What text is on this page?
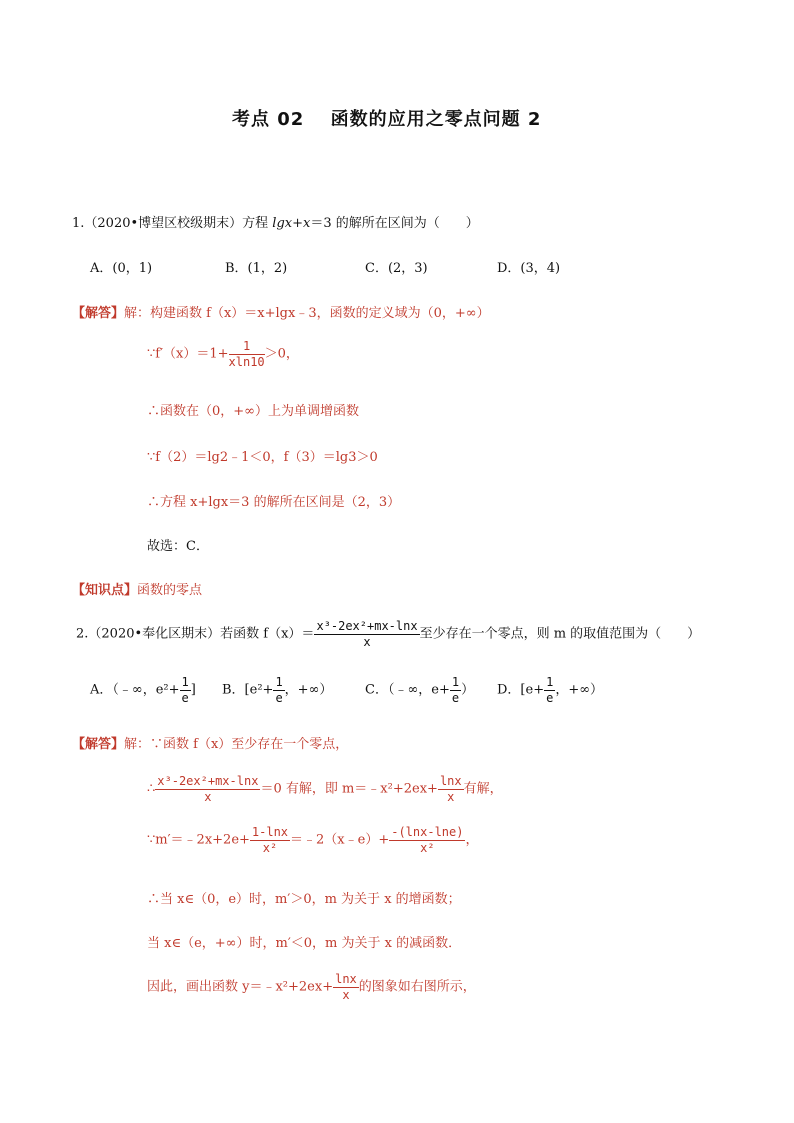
考点 02　 函数的应用之零点问题 2
1.（2020•博望区校级期末）方程 lgx+x＝3 的解所在区间为（　　）
A．(0，1)	B．(1，2)	C．(2，3)	D．(3，4)
【解答】解：构建函数 f（x）＝x+lgx﹣3，函数的定义域为（0，+∞）
∵f′（x）＝1+ $\frac{1}{xln10} >0$，
∴函数在（0，+∞）上为单调增函数
∵f（2）＝lg2﹣1＜0，f（3）＝lg3＞0
∴方程 x+lgx＝3 的解所在区间是（2，3）
故选：C．
【知识点】函数的零点
2.（2020•奉化区期末）若函数 $f(x)= \frac{\text{x³-2ex²+mx-lnx}}{x}$ 至少存在一个零点，则 m 的取值范围为（　　）
A．（﹣∞，$e^2+ \frac{1}{e}$ ] B．[$e^2+ \frac{1}{e}$ ，+∞）	C．（﹣∞，$e+ \frac{1}{e}$ ） D．[$e+ \frac{1}{e}$ ，+∞）
【解答】解：∵函数 f（x）至少存在一个零点，
∴ $\frac{\text{x³-2ex²+mx-lnx}}{x} =0$ 有解，即 m＝﹣x²+2ex+ $\frac{\ln x}{x}$ 有解，
∵m′＝﹣2x+2e+ $\frac{1-\ln x}{\text{x²}}$ ＝﹣2（x﹣e）+ $\frac{-(\ln x-\ln e)}{\text{x²}}$ ，
∴当 x∈（0，e）时，m′＞0，m 为关于 x 的增函数；
当 x∈（e，+∞）时，m′＜0，m 为关于 x 的减函数．
因此，画出函数 y＝﹣x²+2ex+ $\frac{\ln x}{x}$ 的图象如右图所示，
